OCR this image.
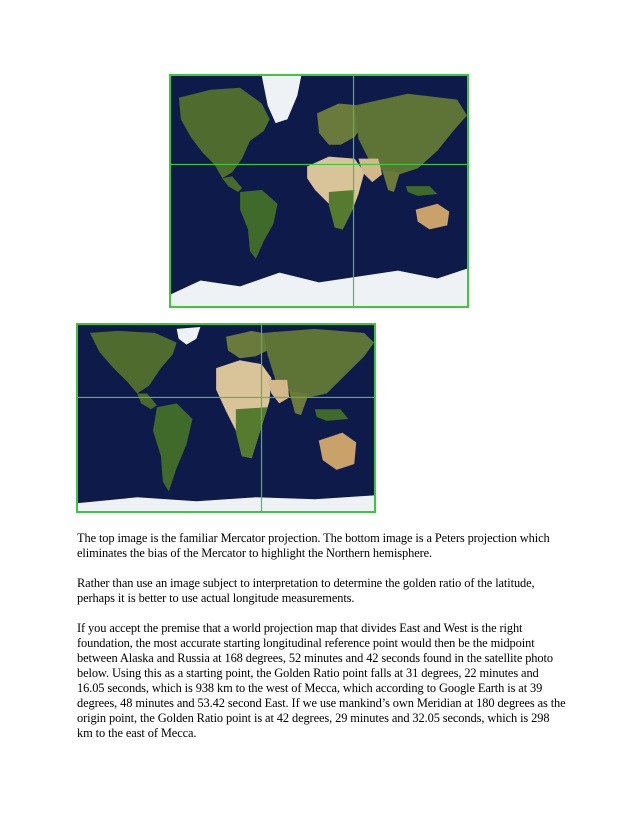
The top image is the familiar Mercator projection. The bottom image is a Peters projection which eliminates the bias of the Mercator to highlight the Northern hemisphere.

Rather than use an image subject to interpretation to determine the golden ratio of the latitude, perhaps it is better to use actual longitude measurements.

If you accept the premise that a world projection map that divides East and West is the right foundation, the most accurate starting longitudinal reference point would then be the midpoint between Alaska and Russia at 168 degrees, 52 minutes and 42 seconds found in the satellite photo below. Using this as a starting point, the Golden Ratio point falls at 31 degrees, 22 minutes and 16.05 seconds, which is 938 km to the west of Mecca, which according to Google Earth is at 39 degrees, 48 minutes and 53.42 second East. If we use mankind’s own Meridian at 180 degrees as the origin point, the Golden Ratio point is at 42 degrees, 29 minutes and 32.05 seconds, which is 298 km to the east of Mecca.
